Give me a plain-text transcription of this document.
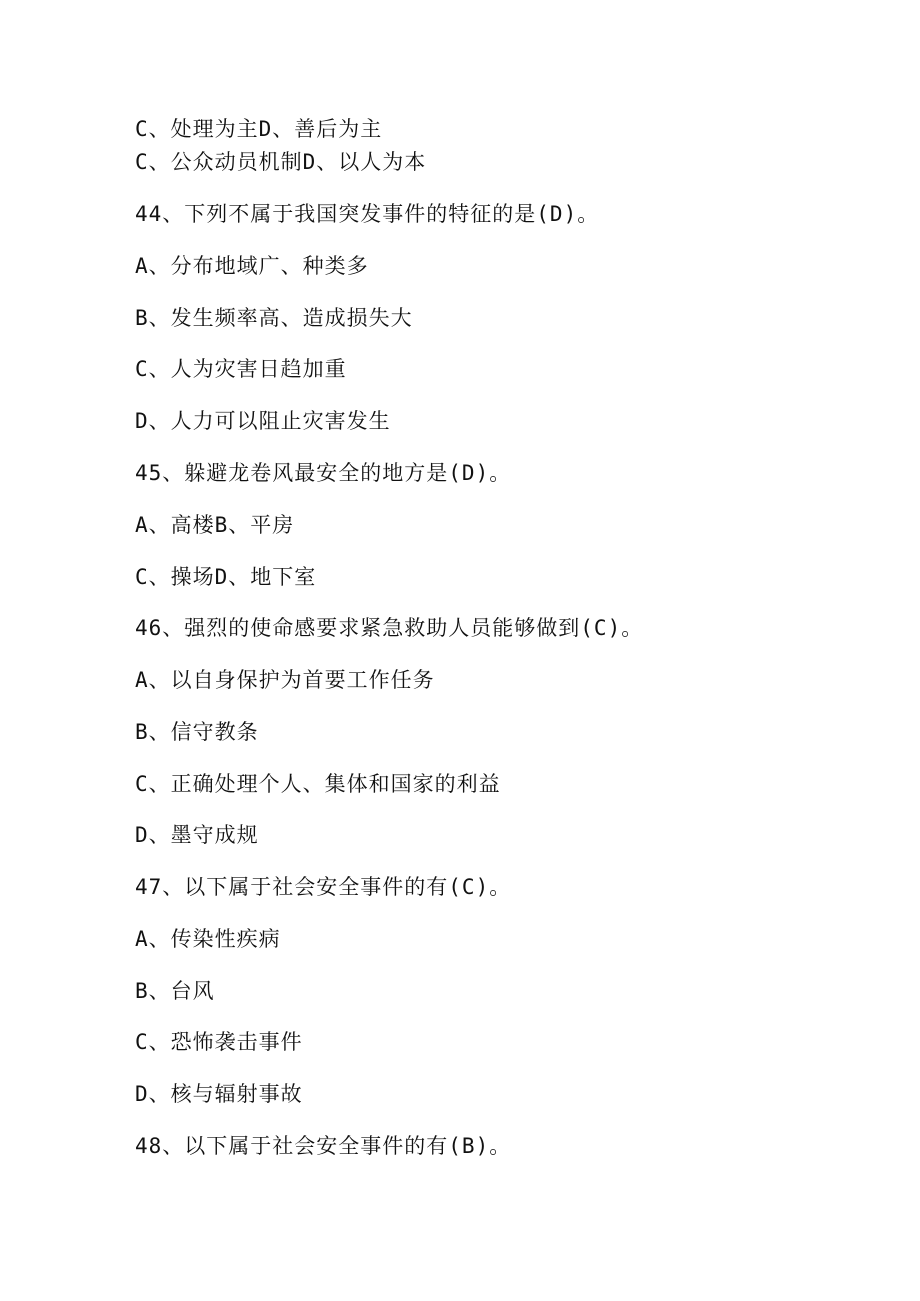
C、处理为主D、善后为主
C、公众动员机制D、以人为本
44、下列不属于我国突发事件的特征的是(D)。
A、分布地域广、种类多
B、发生频率高、造成损失大
C、人为灾害日趋加重
D、人力可以阻止灾害发生
45、躲避龙卷风最安全的地方是(D)。
A、高楼B、平房
C、操场D、地下室
46、强烈的使命感要求紧急救助人员能够做到(C)。
A、以自身保护为首要工作任务
B、信守教条
C、正确处理个人、集体和国家的利益
D、墨守成规
47、以下属于社会安全事件的有(C)。
A、传染性疾病
B、台风
C、恐怖袭击事件
D、核与辐射事故
48、以下属于社会安全事件的有(B)。
